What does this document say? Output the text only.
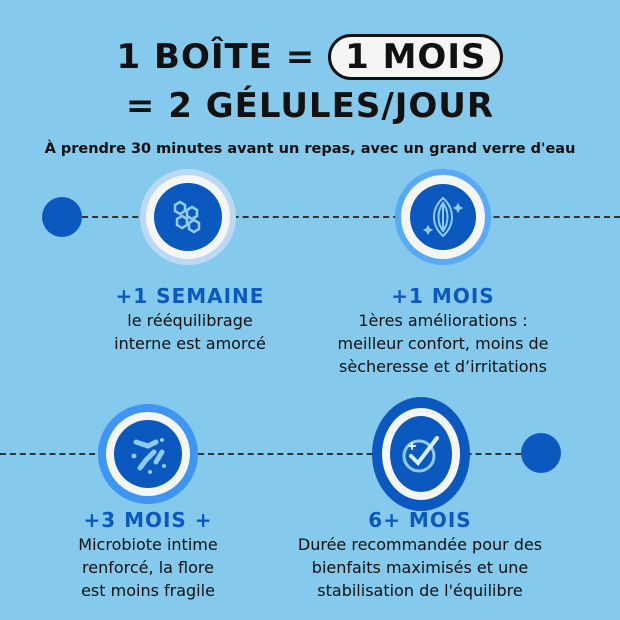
1 BOÎTE = 1 MOIS
= 2 GÉLULES/JOUR
À prendre 30 minutes avant un repas, avec un grand verre d'eau
+1 SEMAINE
le rééquilibrage
interne est amorcé
+1 MOIS
1ères améliorations :
meilleur confort, moins de
sècheresse et d’irritations
+3 MOIS +
Microbiote intime
renforcé, la flore
est moins fragile
6+ MOIS
Durée recommandée pour des
bienfaits maximisés et une
stabilisation de l'équilibre
